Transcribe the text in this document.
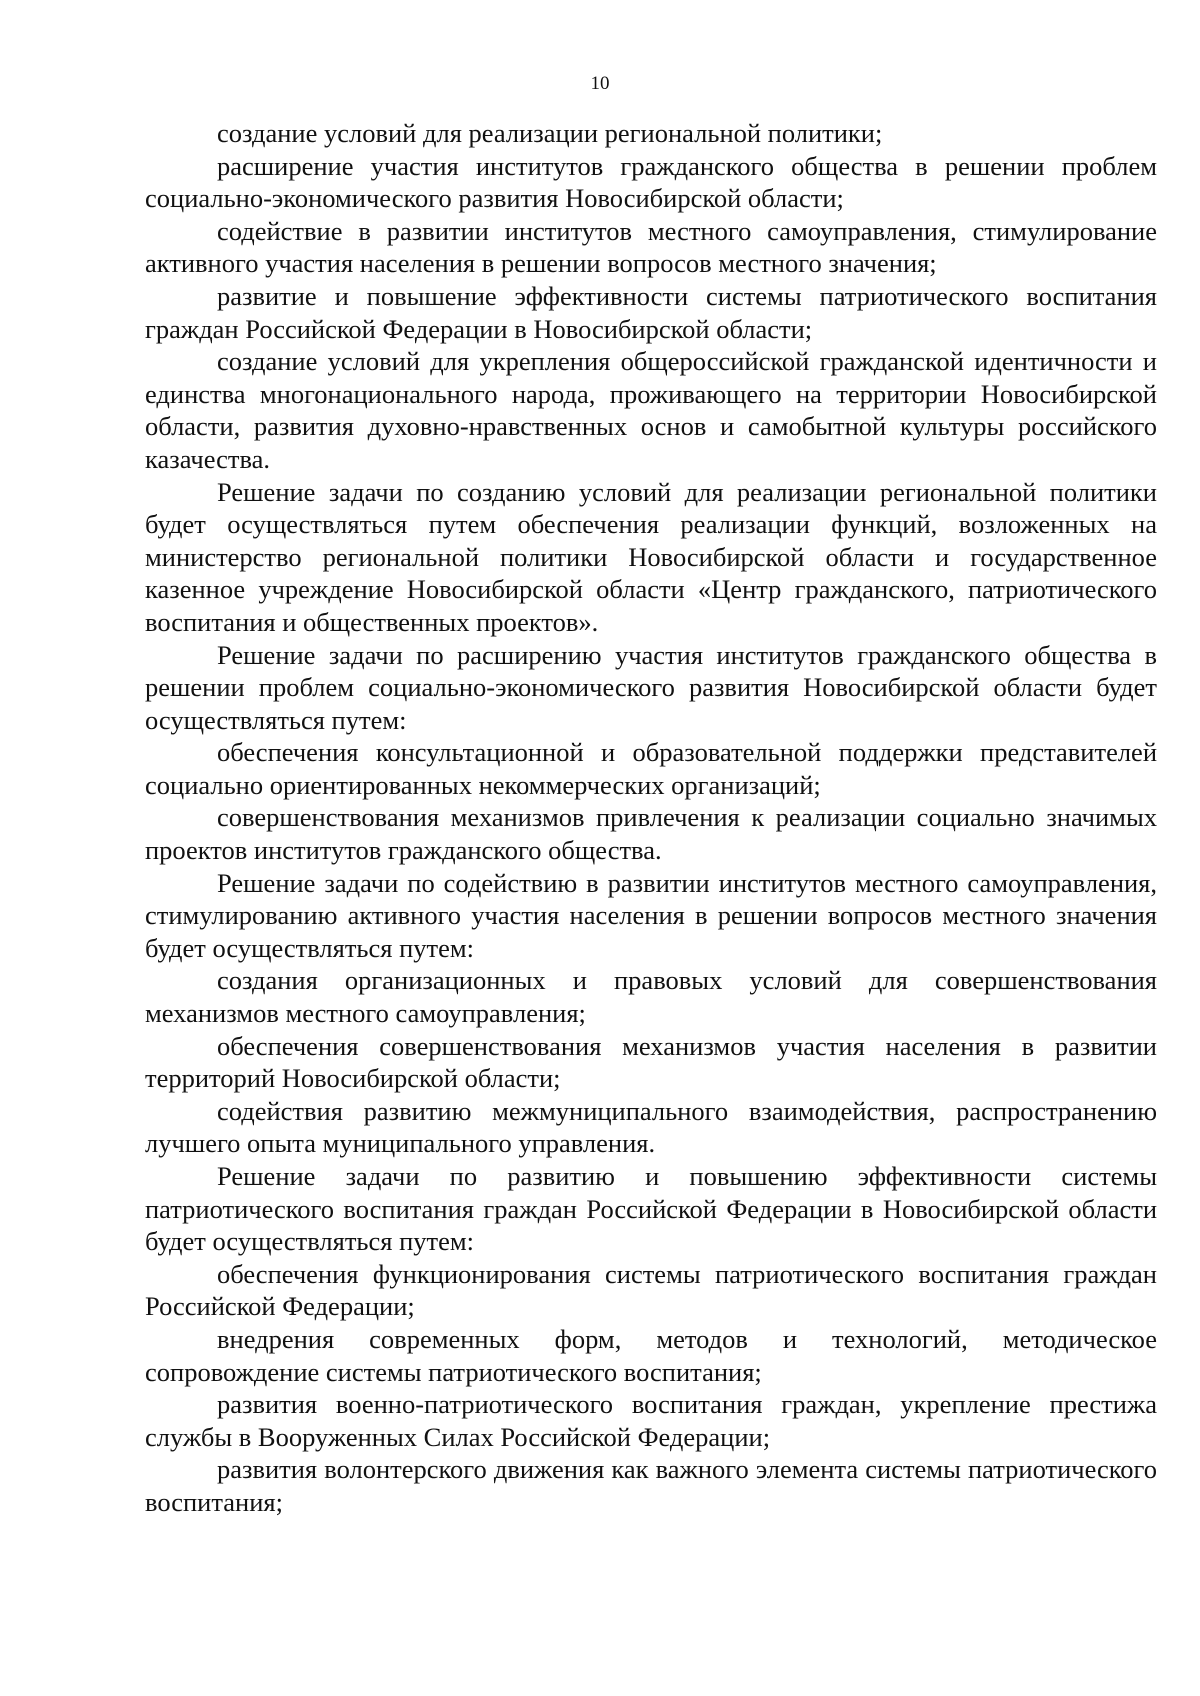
10

создание условий для реализации региональной политики;

расширение участия институтов гражданского общества в решении проблем социально-экономического развития Новосибирской области;

содействие в развитии институтов местного самоуправления, стимулирование активного участия населения в решении вопросов местного значения;

развитие и повышение эффективности системы патриотического воспитания граждан Российской Федерации в Новосибирской области;

создание условий для укрепления общероссийской гражданской идентичности и единства многонационального народа, проживающего на территории Новосибирской области, развития духовно-нравственных основ и самобытной культуры российского казачества.

Решение задачи по созданию условий для реализации региональной политики будет осуществляться путем обеспечения реализации функций, возложенных на министерство региональной политики Новосибирской области и государственное казенное учреждение Новосибирской области «Центр гражданского, патриотического воспитания и общественных проектов».

Решение задачи по расширению участия институтов гражданского общества в решении проблем социально-экономического развития Новосибирской области будет осуществляться путем:

обеспечения консультационной и образовательной поддержки представителей социально ориентированных некоммерческих организаций;

совершенствования механизмов привлечения к реализации социально значимых проектов институтов гражданского общества.

Решение задачи по содействию в развитии институтов местного самоуправления, стимулированию активного участия населения в решении вопросов местного значения будет осуществляться путем:

создания организационных и правовых условий для совершенствования механизмов местного самоуправления;

обеспечения совершенствования механизмов участия населения в развитии территорий Новосибирской области;

содействия развитию межмуниципального взаимодействия, распространению лучшего опыта муниципального управления.

Решение задачи по развитию и повышению эффективности системы патриотического воспитания граждан Российской Федерации в Новосибирской области будет осуществляться путем:

обеспечения функционирования системы патриотического воспитания граждан Российской Федерации;

внедрения современных форм, методов и технологий, методическое сопровождение системы патриотического воспитания;

развития военно-патриотического воспитания граждан, укрепление престижа службы в Вооруженных Силах Российской Федерации;

развития волонтерского движения как важного элемента системы патриотического воспитания;
